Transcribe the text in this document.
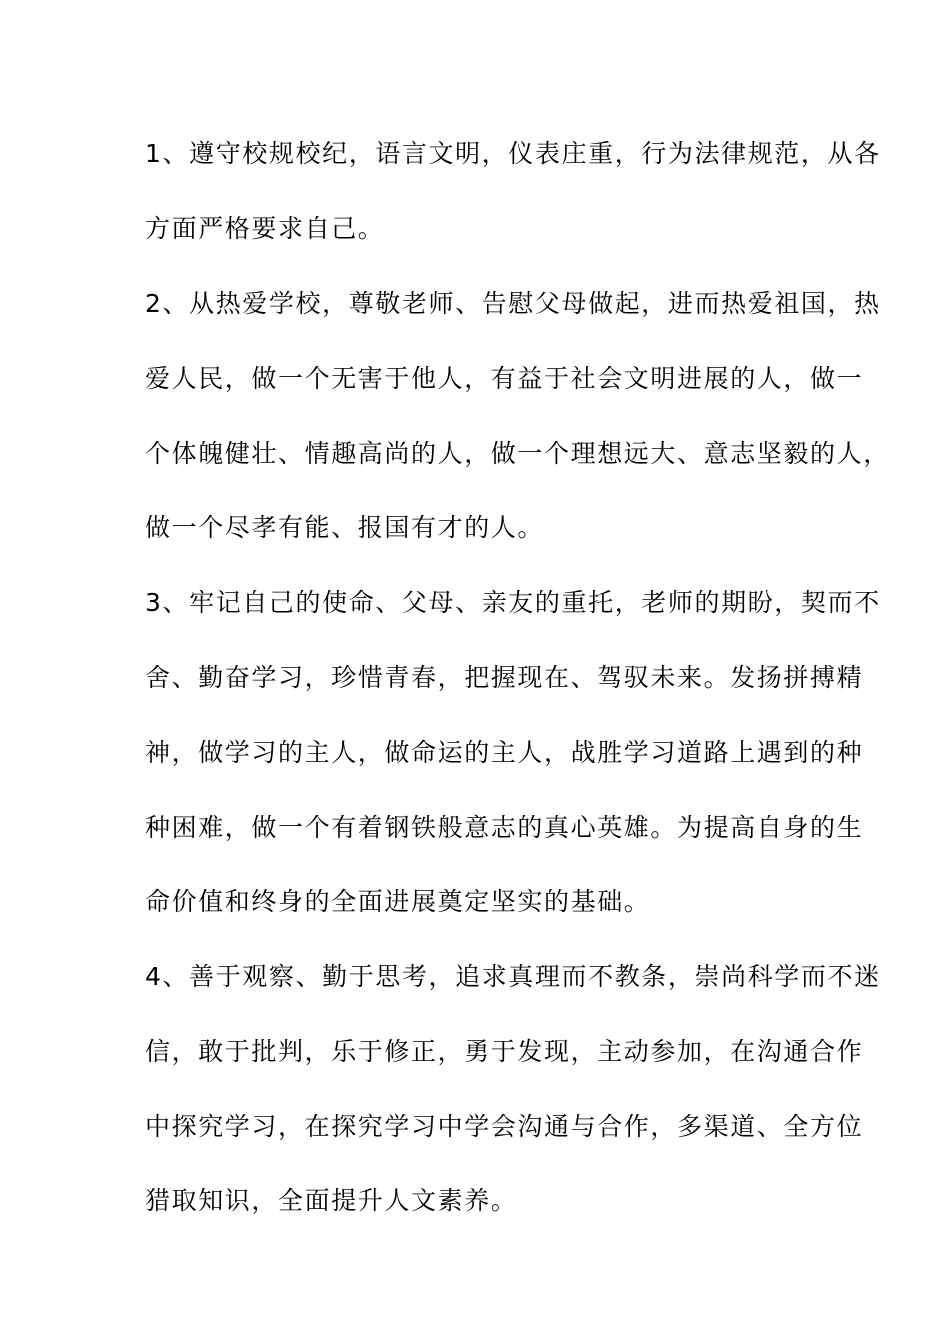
1、遵守校规校纪，语言文明，仪表庄重，行为法律规范，从各
方面严格要求自己。
2、从热爱学校，尊敬老师、告慰父母做起，进而热爱祖国，热
爱人民，做一个无害于他人，有益于社会文明进展的人，做一
个体魄健壮、情趣高尚的人，做一个理想远大、意志坚毅的人，
做一个尽孝有能、报国有才的人。
3、牢记自己的使命、父母、亲友的重托，老师的期盼，契而不
舍、勤奋学习，珍惜青春，把握现在、驾驭未来。发扬拼搏精
神，做学习的主人，做命运的主人，战胜学习道路上遇到的种
种困难，做一个有着钢铁般意志的真心英雄。为提高自身的生
命价值和终身的全面进展奠定坚实的基础。
4、善于观察、勤于思考，追求真理而不教条，崇尚科学而不迷
信，敢于批判，乐于修正，勇于发现，主动参加，在沟通合作
中探究学习，在探究学习中学会沟通与合作，多渠道、全方位
猎取知识，全面提升人文素养。
